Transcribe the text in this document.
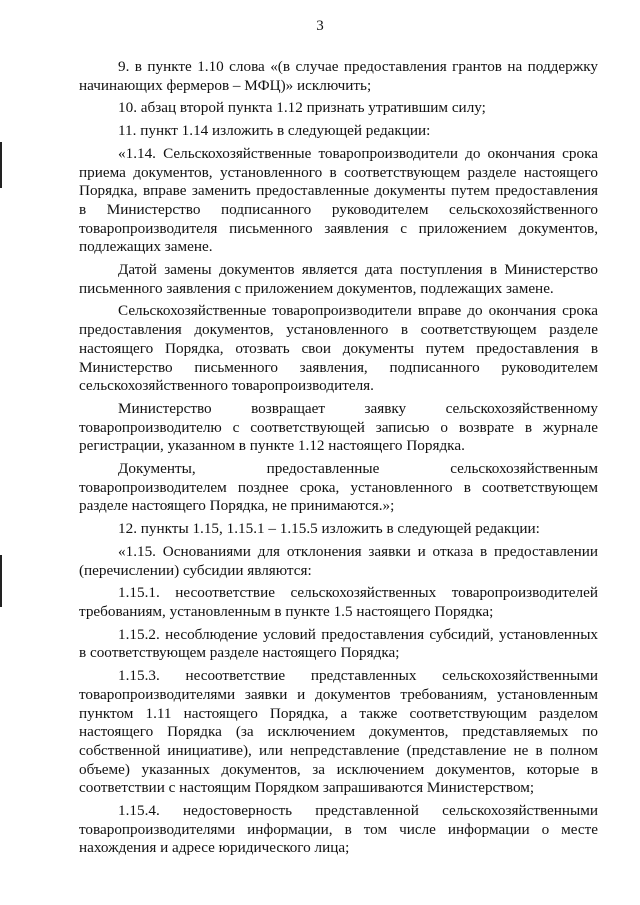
3

9. в пункте 1.10 слова «(в случае предоставления грантов на поддержку начинающих фермеров – МФЦ)» исключить;

10. абзац второй пункта 1.12 признать утратившим силу;

11. пункт 1.14 изложить в следующей редакции:

«1.14. Сельскохозяйственные товаропроизводители до окончания срока приема документов, установленного в соответствующем разделе настоящего Порядка, вправе заменить предоставленные документы путем предоставления в Министерство подписанного руководителем сельскохозяйственного товаропроизводителя письменного заявления с приложением документов, подлежащих замене.

Датой замены документов является дата поступления в Министерство письменного заявления с приложением документов, подлежащих замене.

Сельскохозяйственные товаропроизводители вправе до окончания срока предоставления документов, установленного в соответствующем разделе настоящего Порядка, отозвать свои документы путем предоставления в Министерство письменного заявления, подписанного руководителем сельскохозяйственного товаропроизводителя.

Министерство возвращает заявку сельскохозяйственному товаропроизводителю с соответствующей записью о возврате в журнале регистрации, указанном в пункте 1.12 настоящего Порядка.

Документы, предоставленные сельскохозяйственным товаропроизводителем позднее срока, установленного в соответствующем разделе настоящего Порядка, не принимаются.»;

12. пункты 1.15, 1.15.1 – 1.15.5 изложить в следующей редакции:

«1.15. Основаниями для отклонения заявки и отказа в предоставлении (перечислении) субсидии являются:

1.15.1. несоответствие сельскохозяйственных товаропроизводителей требованиям, установленным в пункте 1.5 настоящего Порядка;

1.15.2. несоблюдение условий предоставления субсидий, установленных в соответствующем разделе настоящего Порядка;

1.15.3. несоответствие представленных сельскохозяйственными товаропроизводителями заявки и документов требованиям, установленным пунктом 1.11 настоящего Порядка, а также соответствующим разделом настоящего Порядка (за исключением документов, представляемых по собственной инициативе), или непредставление (представление не в полном объеме) указанных документов, за исключением документов, которые в соответствии с настоящим Порядком запрашиваются Министерством;

1.15.4. недостоверность представленной сельскохозяйственными товаропроизводителями информации, в том числе информации о месте нахождения и адресе юридического лица;
